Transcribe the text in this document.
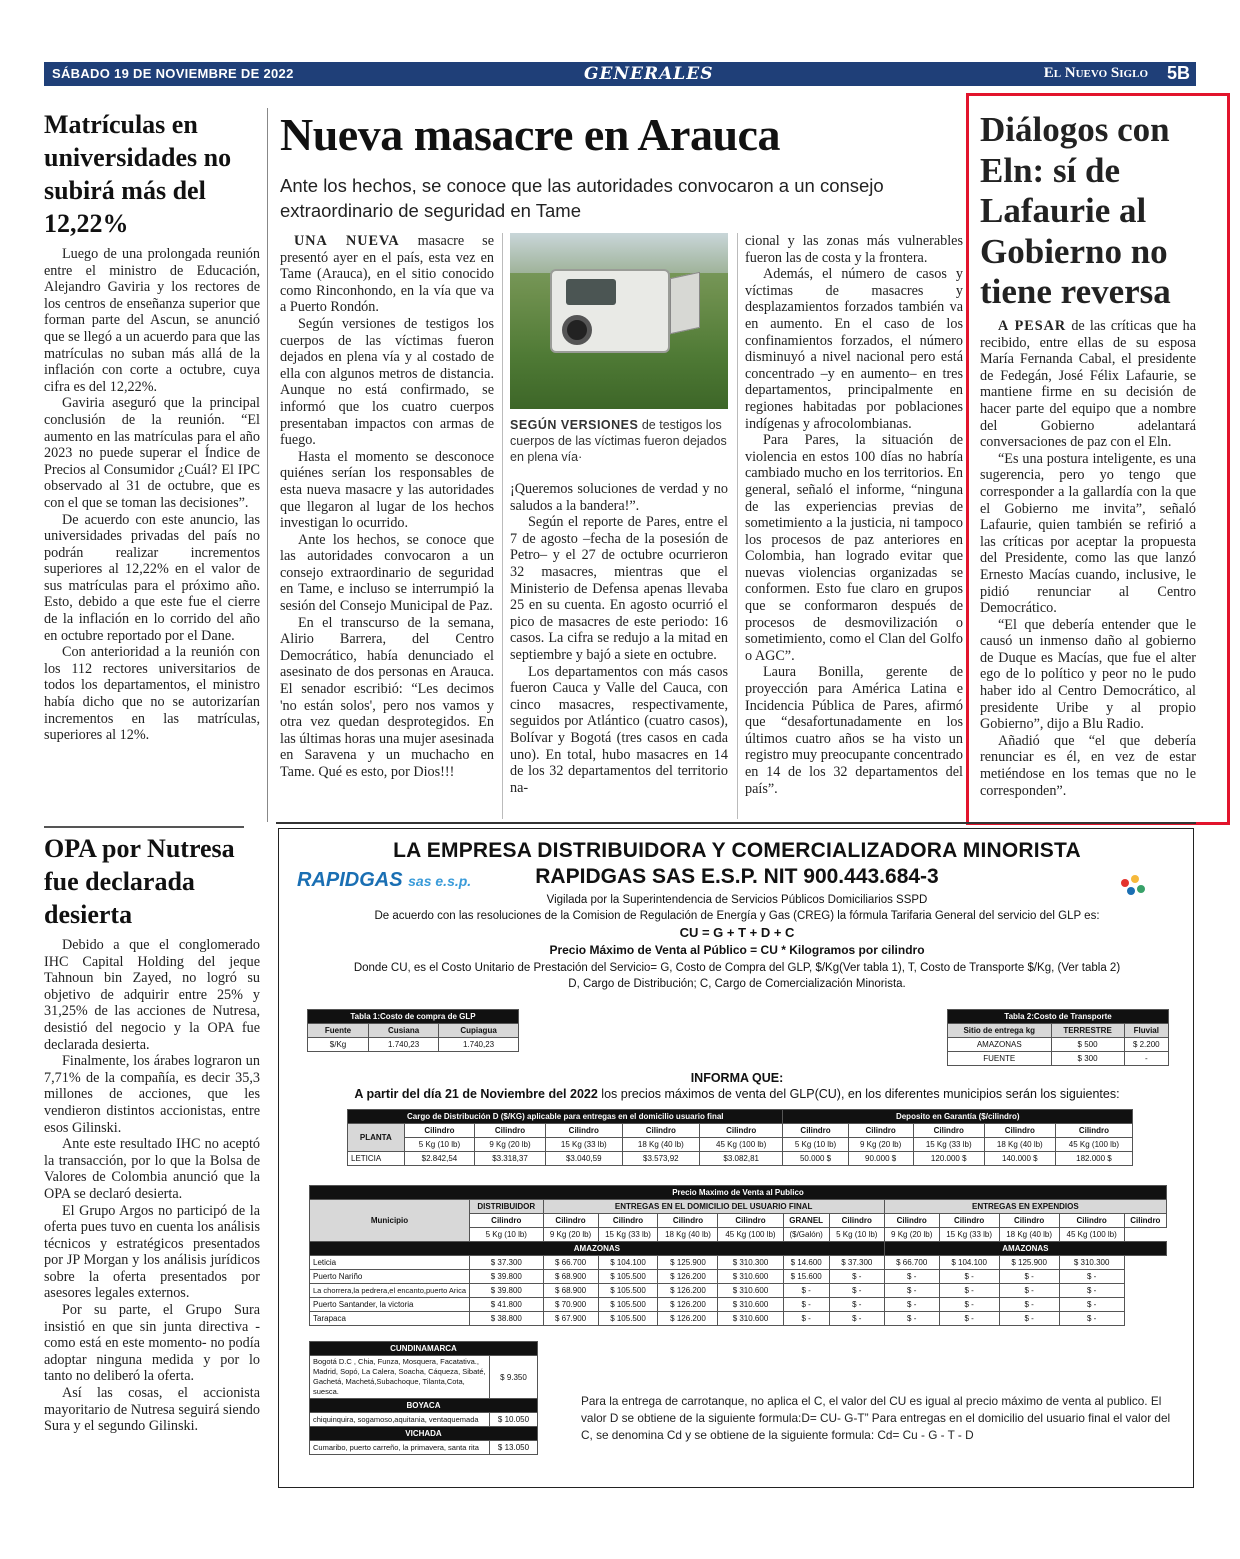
SÁBADO 19 DE NOVIEMBRE DE 2022	GENERALES	El Nuevo Siglo 5B
Matrículas en universidades no subirá más del 12,22%

Luego de una prolongada reunión entre el ministro de Educación, Alejandro Gaviria y los rectores de los centros de enseñanza superior que forman parte del Ascun, se anunció que se llegó a un acuerdo para que las matrículas no suban más allá de la inflación con corte a octubre, cuya cifra es del 12,22%.

Gaviria aseguró que la principal conclusión de la reunión. “El aumento en las matrículas para el año 2023 no puede superar el Índice de Precios al Consumidor ¿Cuál? El IPC observado al 31 de octubre, que es con el que se toman las decisiones”.

De acuerdo con este anuncio, las universidades privadas del país no podrán realizar incrementos superiores al 12,22% en el valor de sus matrículas para el próximo año. Esto, debido a que este fue el cierre de la inflación en lo corrido del año en octubre reportado por el Dane.

Con anterioridad a la reunión con los 112 rectores universitarios de todos los departamentos, el ministro había dicho que no se autorizarían incrementos en las matrículas, superiores al 12%.

OPA por Nutresa fue declarada desierta

Debido a que el conglomerado IHC Capital Holding del jeque Tahnoun bin Zayed, no logró su objetivo de adquirir entre 25% y 31,25% de las acciones de Nutresa, desistió del negocio y la OPA fue declarada desierta.

Finalmente, los árabes lograron un 7,71% de la compañía, es decir 35,3 millones de acciones, que les vendieron distintos accionistas, entre esos Gilinski.

Ante este resultado IHC no aceptó la transacción, por lo que la Bolsa de Valores de Colombia anunció que la OPA se declaró desierta.

El Grupo Argos no participó de la oferta pues tuvo en cuenta los análisis técnicos y estratégicos presentados por JP Morgan y los análisis jurídicos sobre la oferta presentados por asesores legales externos.

Por su parte, el Grupo Sura insistió en que sin junta directiva -como está en este momento- no podía adoptar ninguna medida y por lo tanto no deliberó la oferta.

Así las cosas, el accionista mayoritario de Nutresa seguirá siendo Sura y el segundo Gilinski.

Nueva masacre en Arauca
Ante los hechos, se conoce que las autoridades convocaron a un consejo extraordinario de seguridad en Tame

UNA NUEVA masacre se presentó ayer en el país, esta vez en Tame (Arauca), en el sitio conocido como Rinconhondo, en la vía que va a Puerto Rondón.

Según versiones de testigos los cuerpos de las víctimas fueron dejados en plena vía y al costado de ella con algunos metros de distancia. Aunque no está confirmado, se informó que los cuatro cuerpos presentaban impactos con armas de fuego.

Hasta el momento se desconoce quiénes serían los responsables de esta nueva masacre y las autoridades que llegaron al lugar de los hechos investigan lo ocurrido.

Ante los hechos, se conoce que las autoridades convocaron a un consejo extraordinario de seguridad en Tame, e incluso se interrumpió la sesión del Consejo Municipal de Paz.

En el transcurso de la semana, Alirio Barrera, del Centro Democrático, había denunciado el asesinato de dos personas en Arauca. El senador escribió: “Les decimos 'no están solos', pero nos vamos y otra vez quedan desprotegidos. En las últimas horas una mujer asesinada en Saravena y un muchacho en Tame. Qué es esto, por Dios!!!

SEGÚN VERSIONES de testigos los cuerpos de las víctimas fueron dejados en plena vía·

¡Queremos soluciones de verdad y no saludos a la bandera!”.

Según el reporte de Pares, entre el 7 de agosto –fecha de la posesión de Petro– y el 27 de octubre ocurrieron 32 masacres, mientras que el Ministerio de Defensa apenas llevaba 25 en su cuenta. En agosto ocurrió el pico de masacres de este periodo: 16 casos. La cifra se redujo a la mitad en septiembre y bajó a siete en octubre.

Los departamentos con más casos fueron Cauca y Valle del Cauca, con cinco masacres, respectivamente, seguidos por Atlántico (cuatro casos), Bolívar y Bogotá (tres casos en cada uno). En total, hubo masacres en 14 de los 32 departamentos del territorio na-

cional y las zonas más vulnerables fueron las de costa y la frontera.

Además, el número de casos y víctimas de masacres y desplazamientos forzados también va en aumento. En el caso de los confinamientos forzados, el número disminuyó a nivel nacional pero está concentrado –y en aumento– en tres departamentos, principalmente en regiones habitadas por poblaciones indígenas y afrocolombianas.

Para Pares, la situación de violencia en estos 100 días no habría cambiado mucho en los territorios. En general, señaló el informe, “ninguna de las experiencias previas de sometimiento a la justicia, ni tampoco los procesos de paz anteriores en Colombia, han logrado evitar que nuevas violencias organizadas se conformen. Esto fue claro en grupos que se conformaron después de procesos de desmovilización o sometimiento, como el Clan del Golfo o AGC”.

Laura Bonilla, gerente de proyección para América Latina e Incidencia Pública de Pares, afirmó que “desafortunadamente en los últimos cuatro años se ha visto un registro muy preocupante concentrado en 14 de los 32 departamentos del país”.

Diálogos con Eln: sí de Lafaurie al Gobierno no tiene reversa

A PESAR de las críticas que ha recibido, entre ellas de su esposa María Fernanda Cabal, el presidente de Fedegán, José Félix Lafaurie, se mantiene firme en su decisión de hacer parte del equipo que a nombre del Gobierno adelantará conversaciones de paz con el Eln.

“Es una postura inteligente, es una sugerencia, pero yo tengo que corresponder a la gallardía con la que el Gobierno me invita”, señaló Lafaurie, quien también se refirió a las críticas por aceptar la propuesta del Presidente, como las que lanzó Ernesto Macías cuando, inclusive, le pidió renunciar al Centro Democrático.

“El que debería entender que le causó un inmenso daño al gobierno de Duque es Macías, que fue el alter ego de lo político y peor no le pudo haber ido al Centro Democrático, al presidente Uribe y al propio Gobierno”, dijo a Blu Radio.

Añadió que “el que debería renunciar es él, en vez de estar metiéndose en los temas que no le corresponden”.

LA EMPRESA DISTRIBUIDORA Y COMERCIALIZADORA MINORISTA
RAPIDGAS SAS E.S.P. NIT 900.443.684-3
RAPIDGAS sas e.s.p.
Vigilada por la Superintendencia de Servicios Públicos Domiciliarios SSPD
De acuerdo con las resoluciones de la Comision de Regulación de Energía y Gas (CREG) la fórmula Tarifaria General del servicio del GLP es:
CU = G + T + D + C
Precio Máximo de Venta al Público = CU * Kilogramos por cilindro
Donde CU, es el Costo Unitario de Prestación del Servicio= G, Costo de Compra del GLP, $/Kg(Ver tabla 1), T, Costo de Transporte $/Kg, (Ver tabla 2)
D, Cargo de Distribución; C, Cargo de Comercialización Minorista.
Tabla 1:Costo de compra de GLP		
Fuente	Cusiana	Cupiagua
$/Kg	1.740,23	1.740,23
Tabla 2:Costo de Transporte		
Sitio de entrega kg	TERRESTRE	Fluvial
AMAZONAS	$ 500	$ 2.200
FUENTE	$ 300	-
INFORMA QUE:
A partir del día 21 de Noviembre del 2022 los precios máximos de venta del GLP(CU), en los diferentes municipios serán los siguientes:
Cargo de Distribución D ($/KG) aplicable para entregas en el domicilio usuario final						Deposito en Garantía ($/cilindro)				
PLANTA	Cilindro	Cilindro	Cilindro	Cilindro	Cilindro	Cilindro	Cilindro	Cilindro	Cilindro	Cilindro
	5 Kg (10 lb)	9 Kg (20 lb)	15 Kg (33 lb)	18 Kg (40 lb)	45 Kg (100 lb)	5 Kg (10 lb)	9 Kg (20 lb)	15 Kg (33 lb)	18 Kg (40 lb)	45 Kg (100 lb)
LETICIA	$2.842,54	$3.318,37	$3.040,59	$3.573,92	$3.082,81	50.000 $	90.000 $	120.000 $	140.000 $	182.000 $
Precio Maximo de Venta al Publico												
Municipio	DISTRIBUIDOR	ENTREGAS EN EL DOMICILIO DEL USUARIO FINAL						ENTREGAS EN EXPENDIOS				
	Cilindro	Cilindro	Cilindro	Cilindro	Cilindro	GRANEL	Cilindro	Cilindro	Cilindro	Cilindro	Cilindro	Cilindro
	5 Kg (10 lb)	9 Kg (20 lb)	15 Kg (33 lb)	18 Kg (40 lb)	45 Kg (100 lb)	($/Galón)	5 Kg (10 lb)	9 Kg (20 lb)	15 Kg (33 lb)	18 Kg (40 lb)	45 Kg (100 lb)	
AMAZONAS								AMAZONAS				
Leticia	$ 37.300	$ 66.700	$ 104.100	$ 125.900	$ 310.300	$ 14.600	$ 37.300	$ 66.700	$ 104.100	$ 125.900	$ 310.300	
Puerto Nariño	$ 39.800	$ 68.900	$ 105.500	$ 126.200	$ 310.600	$ 15.600	$ -	$ -	$ -	$ -	$ -	
La chorrera,la pedrera,el encanto,puerto Arica	$ 39.800	$ 68.900	$ 105.500	$ 126.200	$ 310.600	$ -	$ -	$ -	$ -	$ -	$ -	
Puerto Santander, la victoria	$ 41.800	$ 70.900	$ 105.500	$ 126.200	$ 310.600	$ -	$ -	$ -	$ -	$ -	$ -	
Tarapaca	$ 38.800	$ 67.900	$ 105.500	$ 126.200	$ 310.600	$ -	$ -	$ -	$ -	$ -	$ -	
CUNDINAMARCA	
Bogotá D.C , Chia, Funza, Mosquera, Facatativa., Madrid, Sopó, La Calera, Soacha, Cáqueza, Sibaté, Gachetá, Machetá,Subachoque, Tilanta,Cota, suesca.	$ 9.350
BOYACA	
chiquinquira, sogamoso,aquitania, ventaquemada	$ 10.050
VICHADA	
Cumaribo, puerto carreño, la primavera, santa rita	$ 13.050
Para la entrega de carrotanque, no aplica el C, el valor del CU es igual al precio máximo de venta al publico. El valor D se obtiene de la siguiente formula:D= CU- G-T” Para entregas en el domicilio del usuario final el valor del C, se denomina Cd y se obtiene de la siguiente formula: Cd= Cu - G - T - D
